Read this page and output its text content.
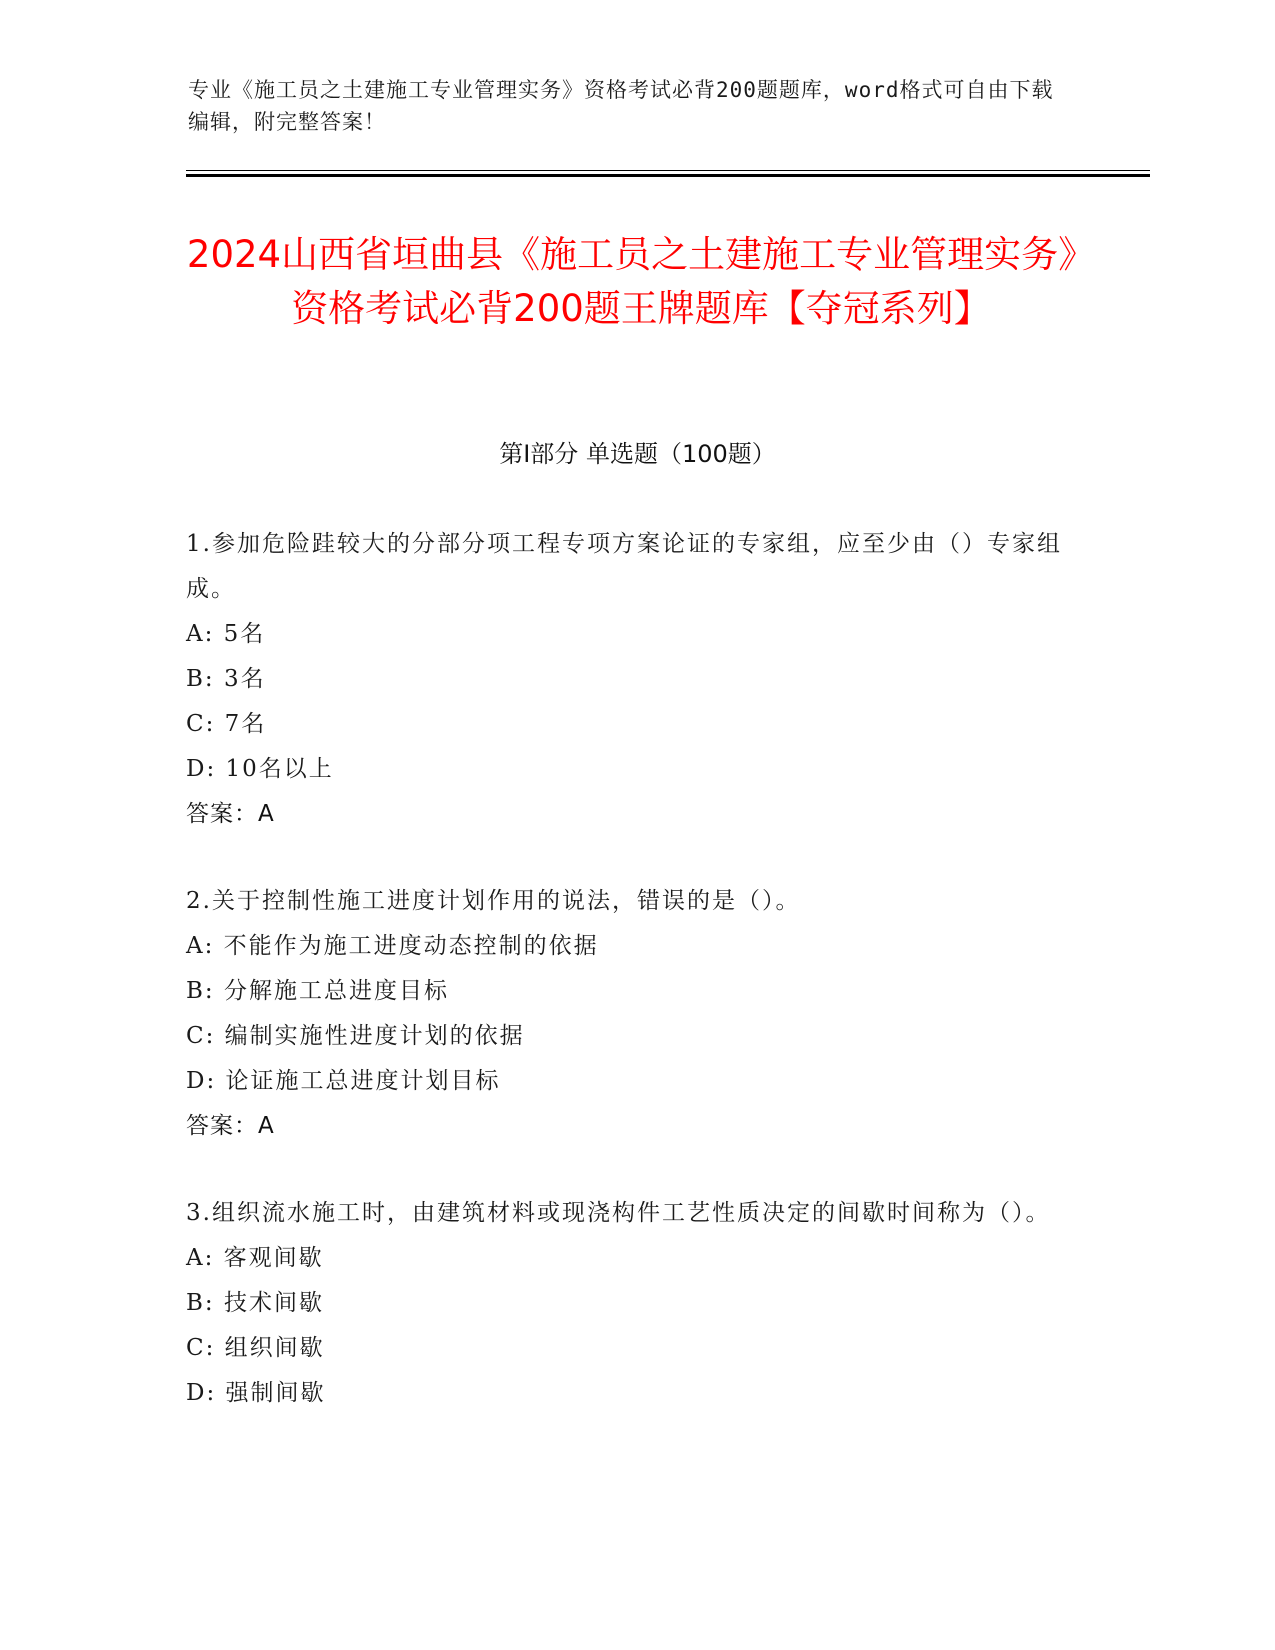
专业《施工员之土建施工专业管理实务》资格考试必背200题题库，word格式可自由下载编辑，附完整答案！
2024山西省垣曲县《施工员之土建施工专业管理实务》资格考试必背200题王牌题库【夺冠系列】
第I部分 单选题（100题）
1.参加危险跬较大的分部分项工程专项方案论证的专家组，应至少由（）专家组成。
A: 5名
B: 3名
C: 7名
D: 10名以上
答案：A
2.关于控制性施工进度计划作用的说法，错误的是（）。
A: 不能作为施工进度动态控制的依据
B: 分解施工总进度目标
C: 编制实施性进度计划的依据
D: 论证施工总进度计划目标
答案：A
3.组织流水施工时，由建筑材料或现浇构件工艺性质决定的间歇时间称为（）。
A: 客观间歇
B: 技术间歇
C: 组织间歇
D: 强制间歇
